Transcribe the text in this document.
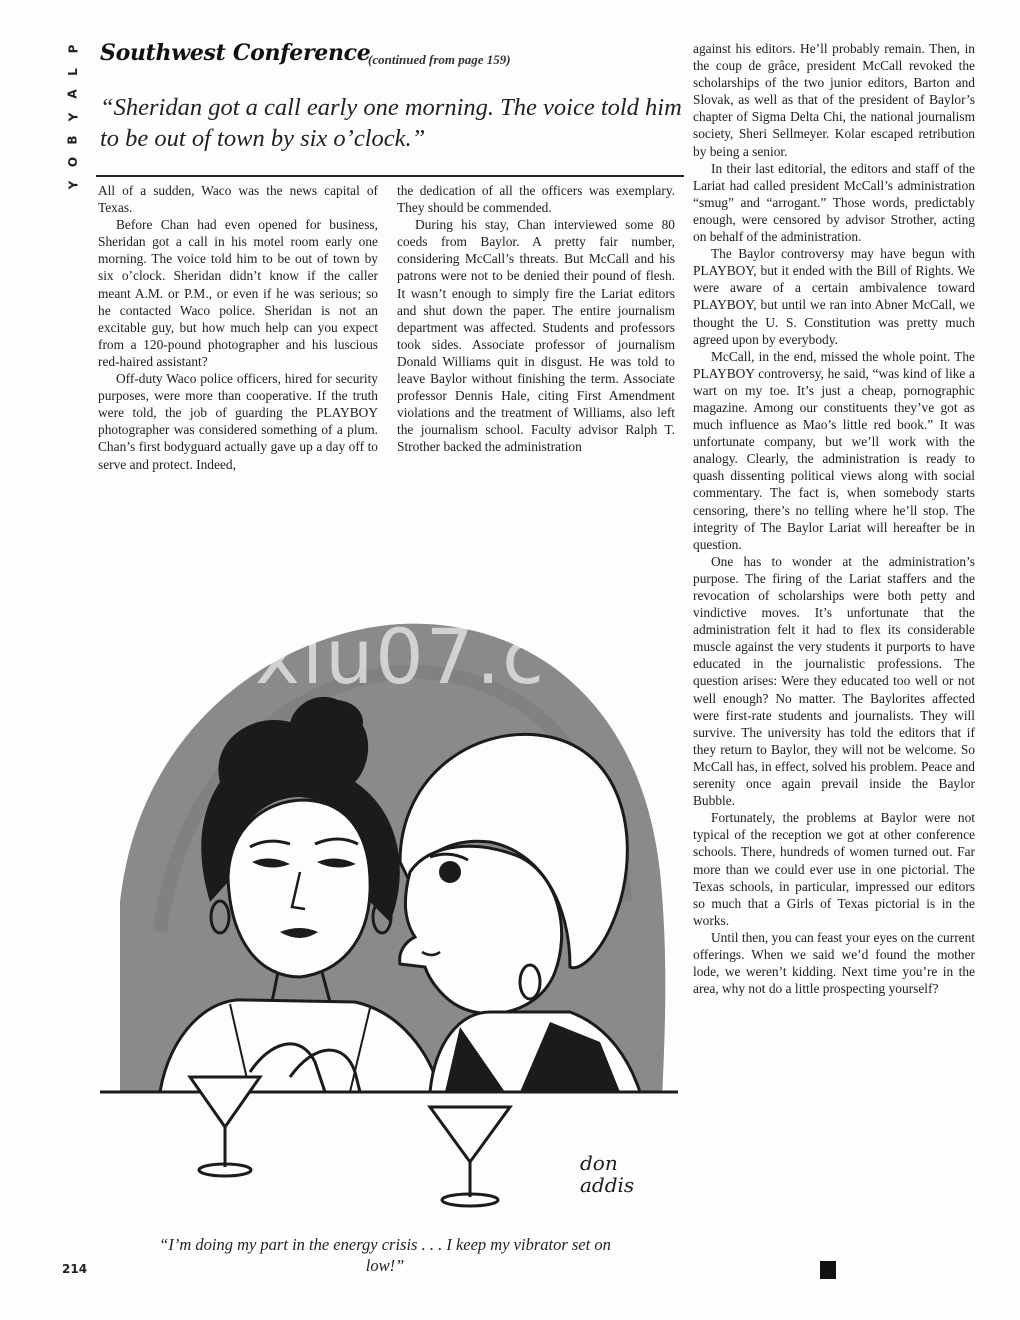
P
L
A
Y
B
O
Y
Southwest Conference
(continued from page 159)
“Sheridan got a call early one morning. The voice told him to be out of town by six o’clock.”

All of a sudden, Waco was the news capital of Texas.

Before Chan had even opened for business, Sheridan got a call in his motel room early one morning. The voice told him to be out of town by six o’clock. Sheridan didn’t know if the caller meant A.M. or P.M., or even if he was serious; so he contacted Waco police. Sheridan is not an excitable guy, but how much help can you expect from a 120-pound photographer and his luscious red-haired assistant?

Off-duty Waco police officers, hired for security purposes, were more than cooperative. If the truth were told, the job of guarding the PLAYBOY photographer was considered something of a plum. Chan’s first bodyguard actually gave up a day off to serve and protect. Indeed,

the dedication of all the officers was exemplary. They should be commended.

During his stay, Chan interviewed some 80 coeds from Baylor. A pretty fair number, considering McCall’s threats. But McCall and his patrons were not to be denied their pound of flesh. It wasn’t enough to simply fire the Lariat editors and shut down the paper. The entire journalism department was affected. Students and professors took sides. Associate professor of journalism Donald Williams quit in disgust. He was told to leave Baylor without finishing the term. Associate professor Dennis Hale, citing First Amendment violations and the treatment of Williams, also left the journalism school. Faculty advisor Ralph T. Strother backed the administration

against his editors. He’ll probably remain. Then, in the coup de grâce, president McCall revoked the scholarships of the two junior editors, Barton and Slovak, as well as that of the president of Baylor’s chapter of Sigma Delta Chi, the national journalism society, Sheri Sellmeyer. Kolar escaped retribution by being a senior.

In their last editorial, the editors and staff of the Lariat had called president McCall’s administration “smug” and “arrogant.” Those words, predictably enough, were censored by advisor Strother, acting on behalf of the administration.

The Baylor controversy may have begun with PLAYBOY, but it ended with the Bill of Rights. We were aware of a certain ambivalence toward PLAYBOY, but until we ran into Abner McCall, we thought the U. S. Constitution was pretty much agreed upon by everybody.

McCall, in the end, missed the whole point. The PLAYBOY controversy, he said, “was kind of like a wart on my toe. It’s just a cheap, pornographic magazine. Among our constituents they’ve got as much influence as Mao’s little red book.” It was unfortunate company, but we’ll work with the analogy. Clearly, the administration is ready to quash dissenting political views along with social commentary. The fact is, when somebody starts censoring, there’s no telling where he’ll stop. The integrity of The Baylor Lariat will hereafter be in question.

One has to wonder at the administration’s purpose. The firing of the Lariat staffers and the revocation of scholarships were both petty and vindictive moves. It’s unfortunate that the administration felt it had to flex its considerable muscle against the very students it purports to have educated in the journalistic professions. The question arises: Were they educated too well or not well enough? No matter. The Baylorites affected were first-rate students and journalists. They will survive. The university has told the editors that if they return to Baylor, they will not be welcome. So McCall has, in effect, solved his problem. Peace and serenity once again prevail inside the Baylor Bubble.

Fortunately, the problems at Baylor were not typical of the reception we got at other conference schools. There, hundreds of women turned out. Far more than we could ever use in one pictorial. The Texas schools, in particular, impressed our editors so much that a Girls of Texas pictorial is in the works.

Until then, you can feast your eyes on the current offerings. When we said we’d found the mother lode, we weren’t kidding. Next time you’re in the area, why not do a little prospecting yourself?

don addis
xiu07.c
“I’m doing my part in the energy crisis . . . I keep my vibrator set on low!”
214
